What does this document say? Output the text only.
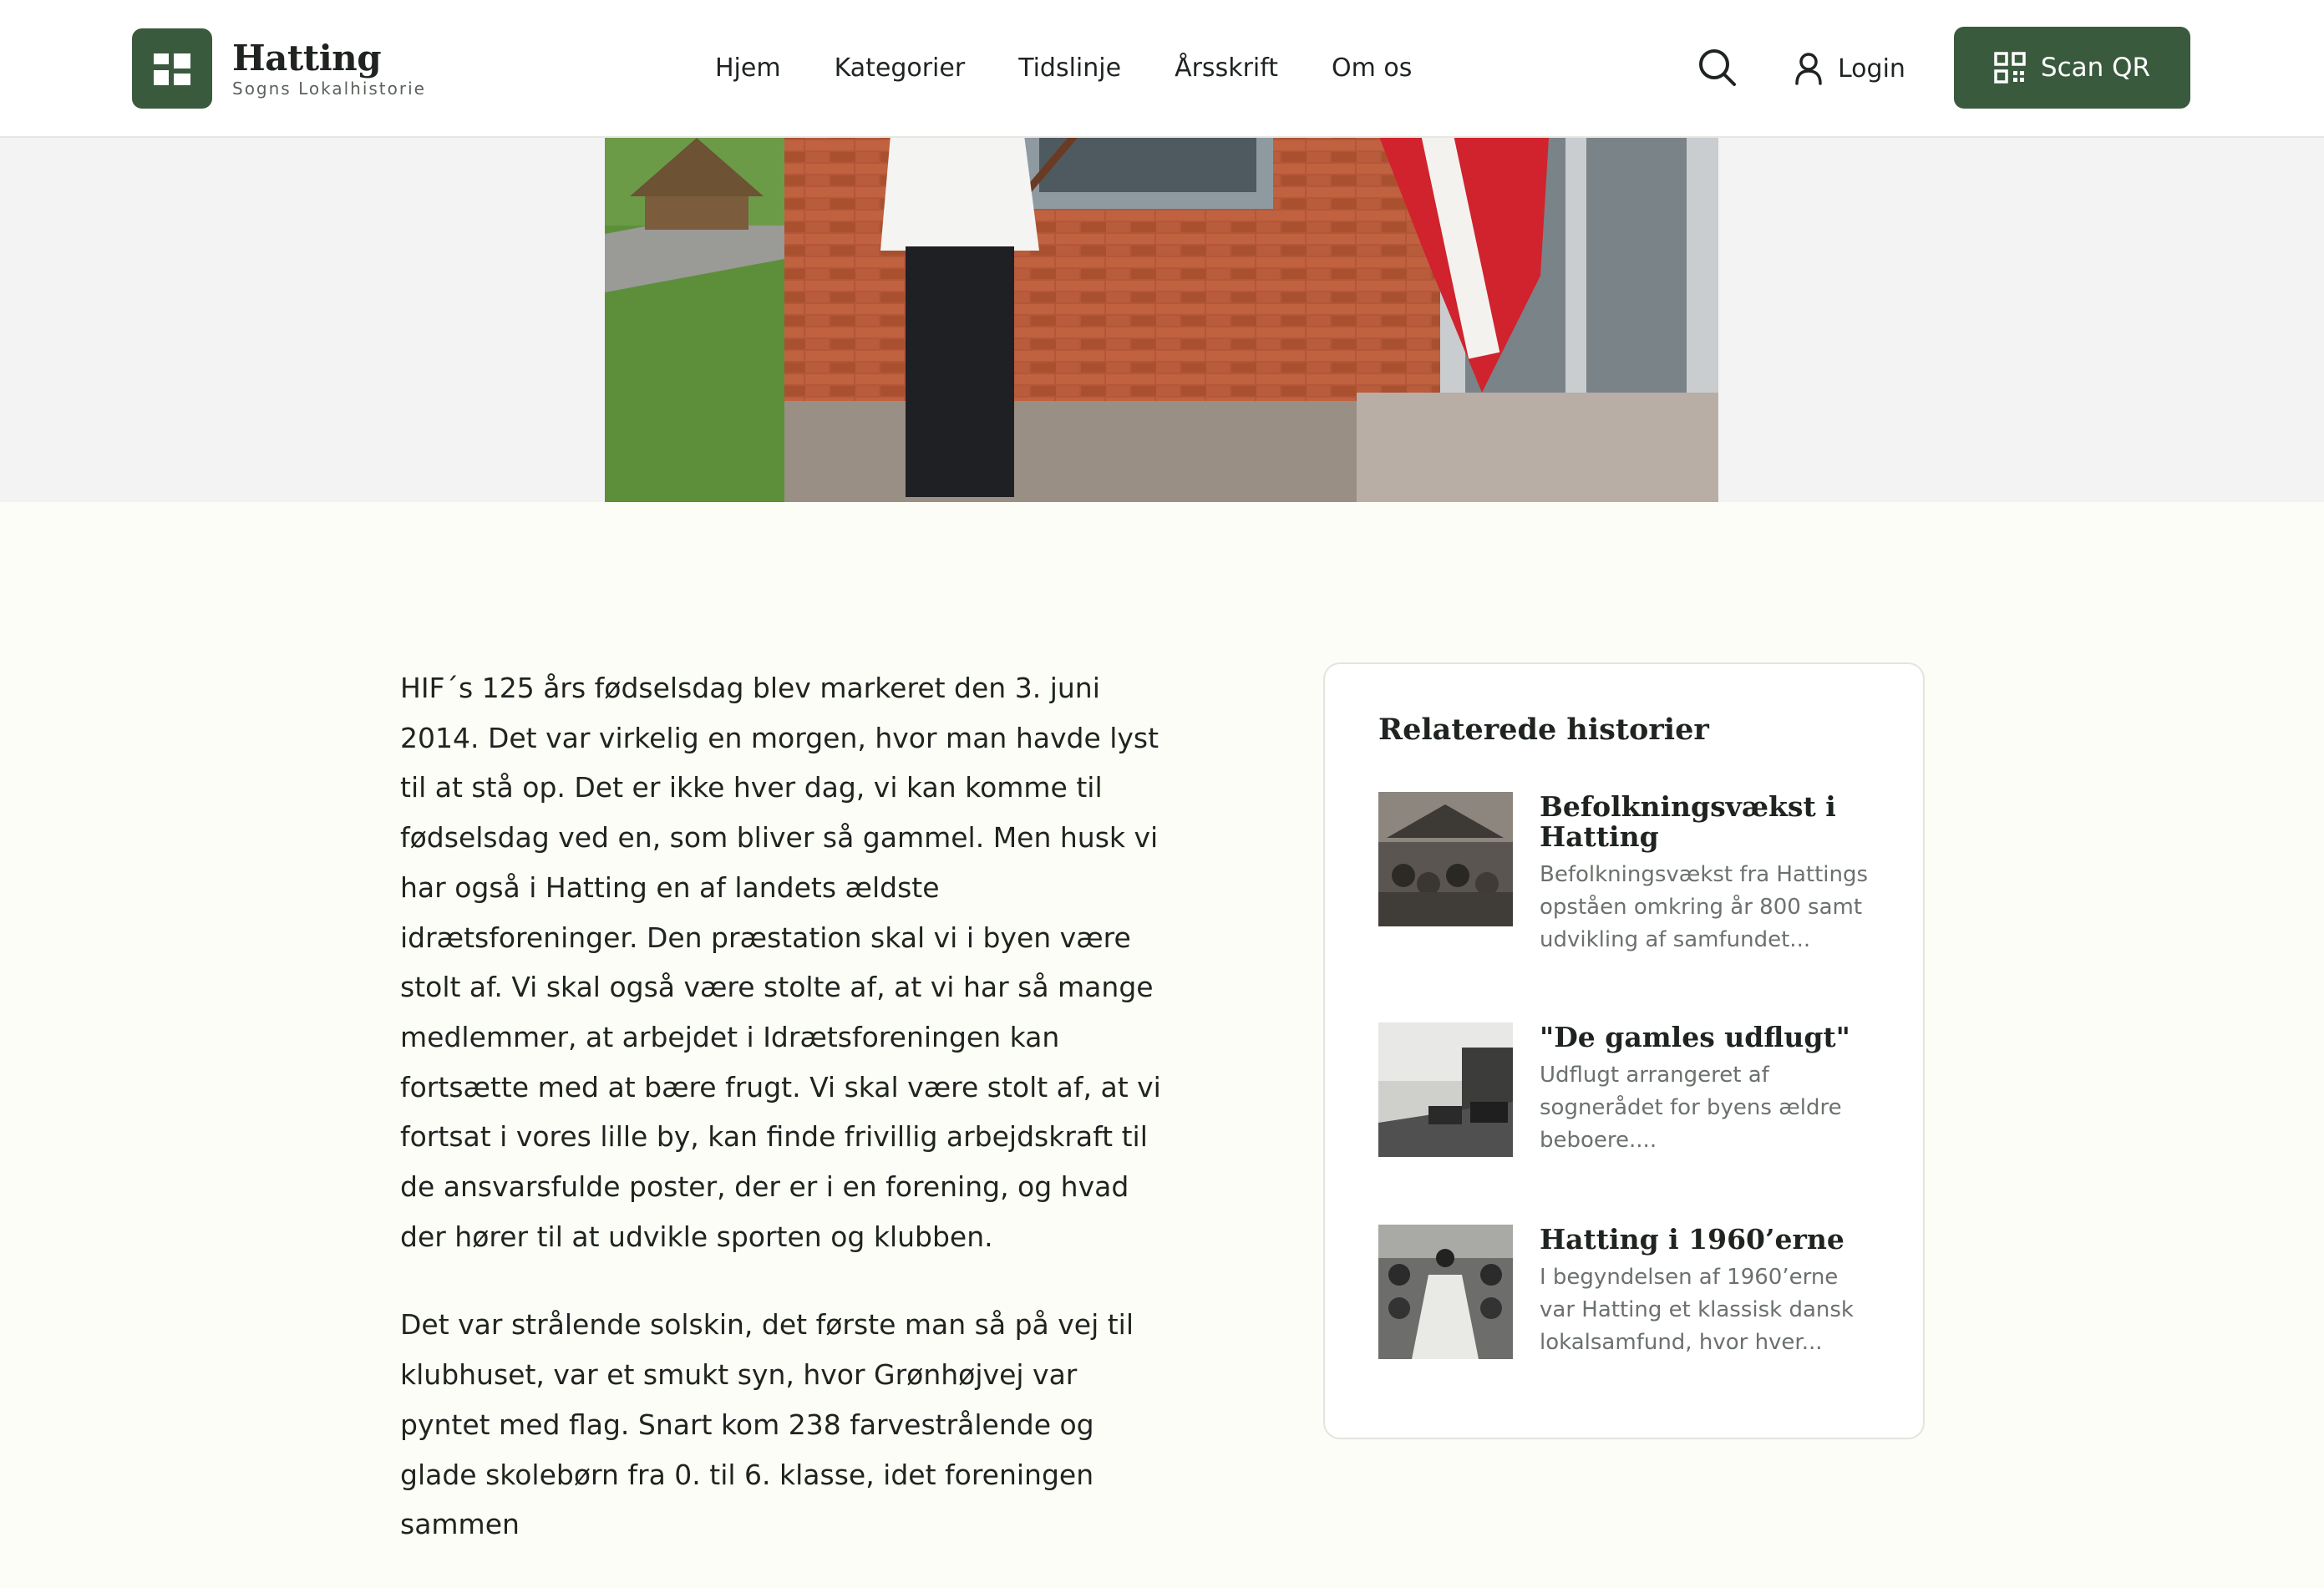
Hatting
Sogns Lokalhistorie
Hjem Kategorier Tidslinje Årsskrift Om os	Login	Scan QR

HIF´s 125 års fødselsdag blev markeret den 3. juni 2014. Det var virkelig en morgen, hvor man havde lyst til at stå op. Det er ikke hver dag, vi kan komme til fødselsdag ved en, som bliver så gammel. Men husk vi har også i Hatting en af landets ældste idrætsforeninger. Den præstation skal vi i byen være stolt af. Vi skal også være stolte af, at vi har så mange medlemmer, at arbejdet i Idrætsforeningen kan fortsætte med at bære frugt. Vi skal være stolt af, at vi fortsat i vores lille by, kan finde frivillig arbejdskraft til de ansvarsfulde poster, der er i en forening, og hvad der hører til at udvikle sporten og klubben.

Det var strålende solskin, det første man så på vej til klubhuset, var et smukt syn, hvor Grønhøjvej var pyntet med flag. Snart kom 238 farvestrålende og glade skolebørn fra 0. til 6. klasse, idet foreningen sammen

Relaterede historier
Befolkningsvækst i Hatting
Befolkningsvækst fra Hattings opståen omkring år 800 samt udvikling af samfundet...
"De gamles udflugt"
Udflugt arrangeret af sognerådet for byens ældre beboere....
Hatting i 1960’erne
I begyndelsen af 1960’erne var Hatting et klassisk dansk lokalsamfund, hvor hver...
